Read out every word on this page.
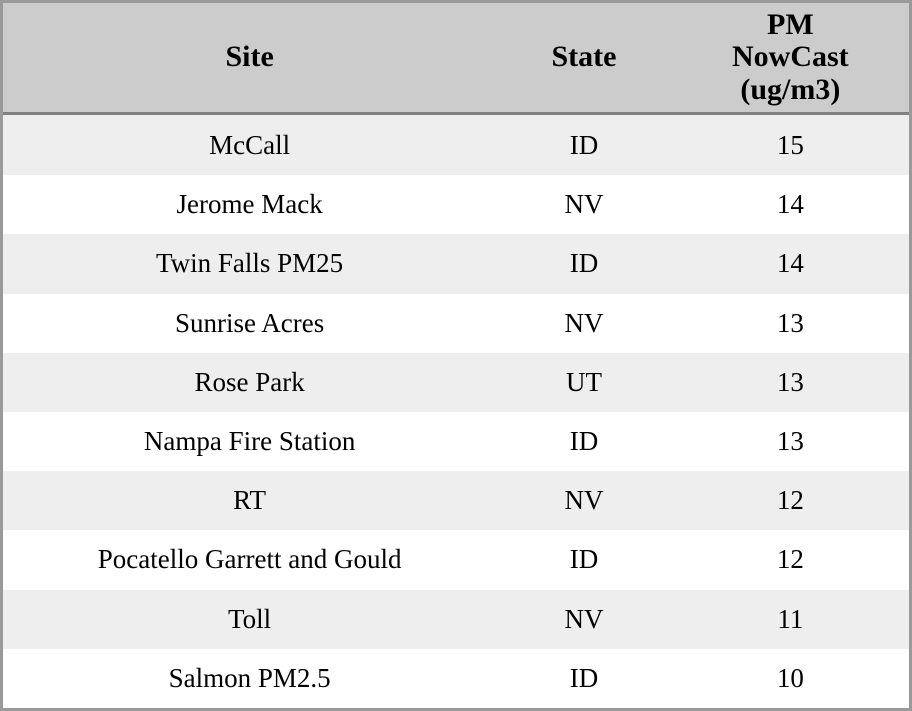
Site	State	PM
NowCast
(ug/m3)

McCall	ID	15
Jerome Mack	NV	14
Twin Falls PM25	ID	14
Sunrise Acres	NV	13
Rose Park	UT	13
Nampa Fire Station	ID	13
RT	NV	12
Pocatello Garrett and Gould	ID	12
Toll	NV	11
Salmon PM2.5	ID	10
